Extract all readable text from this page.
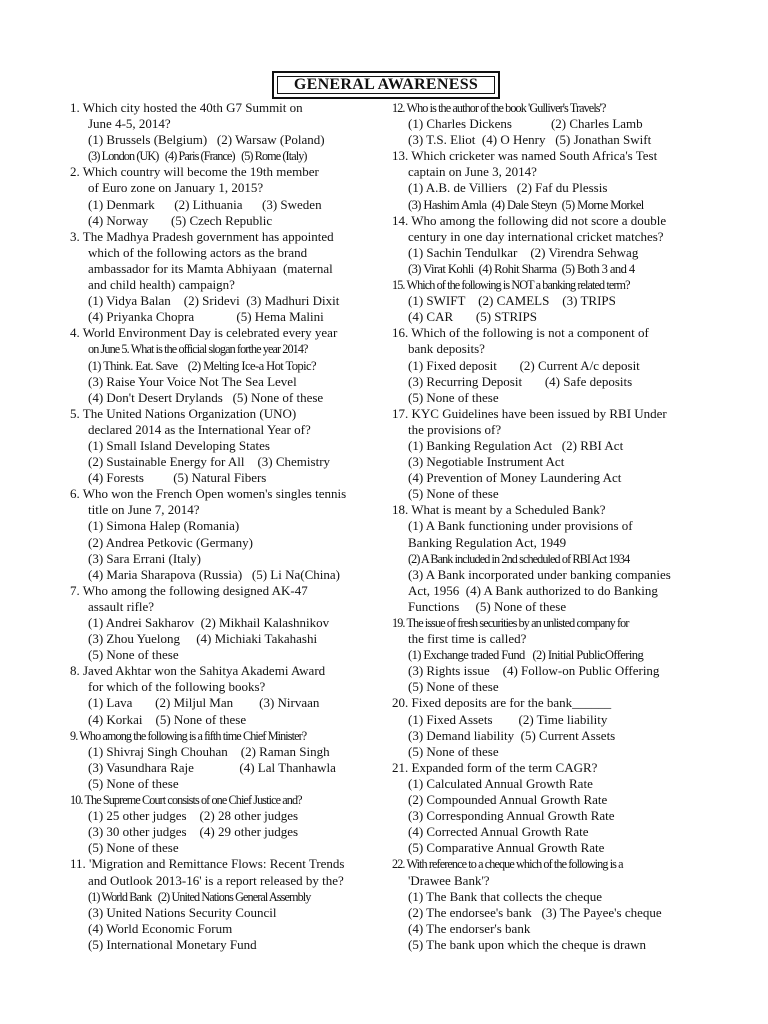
GENERAL AWARENESS
1. Which city hosted the 40th G7 Summit on
June 4-5, 2014?
(1) Brussels (Belgium)   (2) Warsaw (Poland)
(3) London (UK)   (4) Paris (France)   (5) Rome (Italy)
2. Which country will become the 19th member
of Euro zone on January 1, 2015?
(1) Denmark      (2) Lithuania      (3) Sweden
(4) Norway       (5) Czech Republic
3. The Madhya Pradesh government has appointed
which of the following actors as the brand
ambassador for its Mamta Abhiyaan  (maternal
and child health) campaign?
(1) Vidya Balan    (2) Sridevi  (3) Madhuri Dixit
(4) Priyanka Chopra             (5) Hema Malini
4. World Environment Day is celebrated every year
on June 5. What is the official slogan forthe year 2014?
(1) Think. Eat. Save    (2) Melting Ice-a Hot Topic?
(3) Raise Your Voice Not The Sea Level
(4) Don't Desert Drylands   (5) None of these
5. The United Nations Organization (UNO)
declared 2014 as the International Year of?
(1) Small Island Developing States
(2) Sustainable Energy for All    (3) Chemistry
(4) Forests         (5) Natural Fibers
6. Who won the French Open women's singles tennis
title on June 7, 2014?
(1) Simona Halep (Romania)
(2) Andrea Petkovic (Germany)
(3) Sara Errani (Italy)
(4) Maria Sharapova (Russia)   (5) Li Na(China)
7. Who among the following designed AK-47
assault rifle?
(1) Andrei Sakharov  (2) Mikhail Kalashnikov
(3) Zhou Yuelong     (4) Michiaki Takahashi
(5) None of these
8. Javed Akhtar won the Sahitya Akademi Award
for which of the following books?
(1) Lava       (2) Miljul Man        (3) Nirvaan
(4) Korkai    (5) None of these
9. Who among the following is a fifth time Chief Minister?
(1) Shivraj Singh Chouhan    (2) Raman Singh
(3) Vasundhara Raje              (4) Lal Thanhawla
(5) None of these
10. The Supreme Court consists of one Chief Justice and?
(1) 25 other judges    (2) 28 other judges
(3) 30 other judges    (4) 29 other judges
(5) None of these
11. 'Migration and Remittance Flows: Recent Trends
and Outlook 2013-16' is a report released by the?
(1) World Bank   (2) United Nations General Assembly
(3) United Nations Security Council
(4) World Economic Forum
(5) International Monetary Fund
12. Who is the author of the book 'Gulliver's Travels'?
(1) Charles Dickens            (2) Charles Lamb
(3) T.S. Eliot  (4) O Henry   (5) Jonathan Swift
13. Which cricketer was named South Africa's Test
captain on June 3, 2014?
(1) A.B. de Villiers   (2) Faf du Plessis
(3) Hashim Amla  (4) Dale Steyn  (5) Morne Morkel
14. Who among the following did not score a double
century in one day international cricket matches?
(1) Sachin Tendulkar    (2) Virendra Sehwag
(3) Virat Kohli  (4) Rohit Sharma  (5) Both 3 and 4
15. Which of the following is NOT a banking related term?
(1) SWIFT    (2) CAMELS    (3) TRIPS
(4) CAR       (5) STRIPS
16. Which of the following is not a component of
bank deposits?
(1) Fixed deposit       (2) Current A/c deposit
(3) Recurring Deposit       (4) Safe deposits
(5) None of these
17. KYC Guidelines have been issued by RBI Under
the provisions of?
(1) Banking Regulation Act   (2) RBI Act
(3) Negotiable Instrument Act
(4) Prevention of Money Laundering Act
(5) None of these
18. What is meant by a Scheduled Bank?
(1) A Bank functioning under provisions of
Banking Regulation Act, 1949
(2) A Bank included in 2nd scheduled of RBI Act 1934
(3) A Bank incorporated under banking companies
Act, 1956  (4) A Bank authorized to do Banking
Functions     (5) None of these
19. The issue of fresh securities by an unlisted company for
the first time is called?
(1) Exchange traded Fund   (2) Initial PublicOffering
(3) Rights issue    (4) Follow-on Public Offering
(5) None of these
20. Fixed deposits are for the bank______
(1) Fixed Assets        (2) Time liability
(3) Demand liability  (5) Current Assets
(5) None of these
21. Expanded form of the term CAGR?
(1) Calculated Annual Growth Rate
(2) Compounded Annual Growth Rate
(3) Corresponding Annual Growth Rate
(4) Corrected Annual Growth Rate
(5) Comparative Annual Growth Rate
22. With reference to a cheque which of the following is a
'Drawee Bank'?
(1) The Bank that collects the cheque
(2) The endorsee's bank   (3) The Payee's cheque
(4) The endorser's bank
(5) The bank upon which the cheque is drawn
